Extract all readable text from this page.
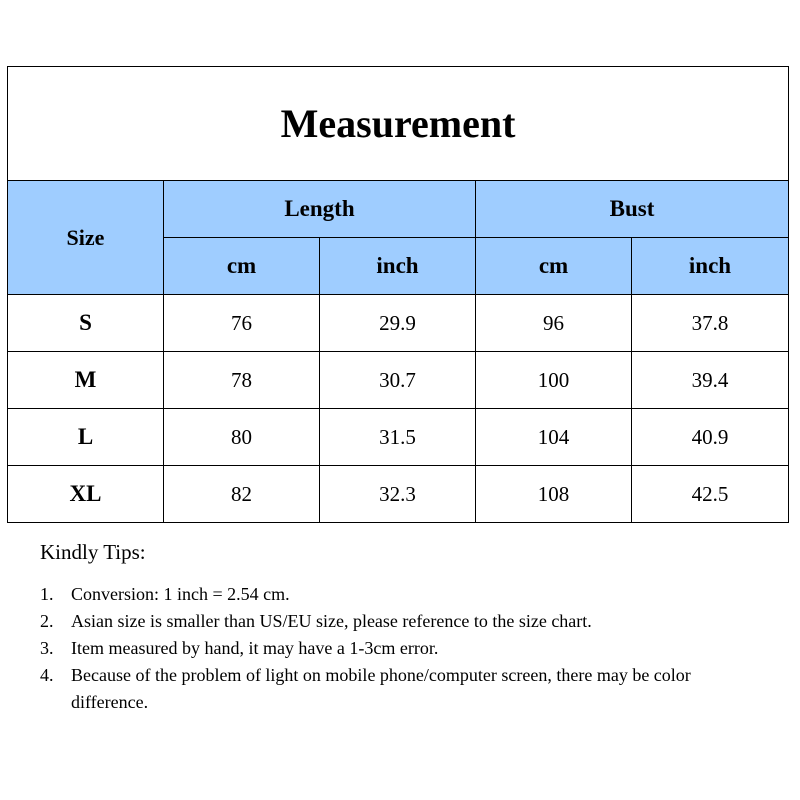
Measurement				
Size	Length		Bust	
	cm	inch	cm	inch
S	76	29.9	96	37.8
M	78	30.7	100	39.4
L	80	31.5	104	40.9
XL	82	32.3	108	42.5
Kindly Tips:
1. Conversion: 1 inch = 2.54 cm.
2. Asian size is smaller than US/EU size, please reference to the size chart.
3. Item measured by hand, it may have a 1-3cm error.
4. Because of the problem of light on mobile phone/computer screen, there may be color difference.
